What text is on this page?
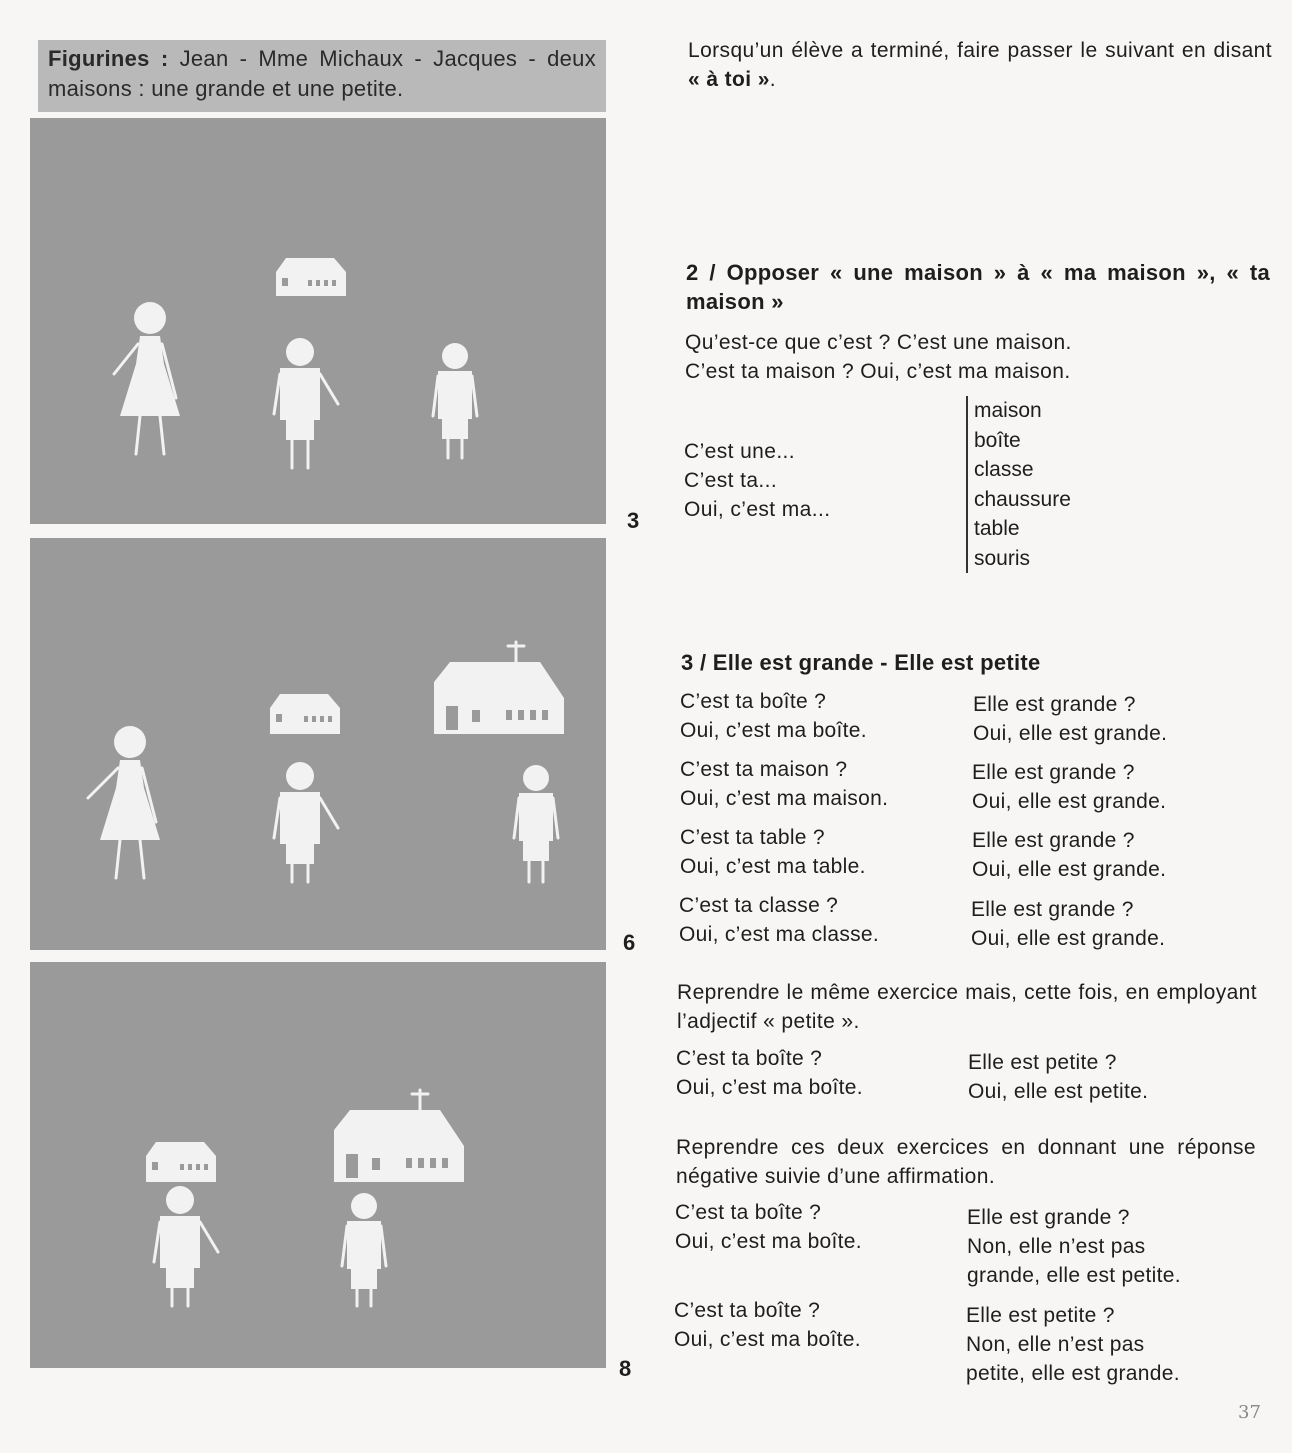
Figurines : Jean - Mme Michaux - Jacques - deux maisons : une grande et une petite.
3
6
8
Lorsqu’un élève a terminé, faire passer le suivant en disant « à toi ».
2 / Opposer « une maison » à « ma maison », « ta maison »
Qu’est-ce que c’est ? C’est une maison.
C’est ta maison ? Oui, c’est ma maison.
C’est une...
C’est ta...
Oui, c’est ma...
maison
boîte
classe
chaussure
table
souris
3 / Elle est grande - Elle est petite
C’est ta boîte ?
Oui, c’est ma boîte.
Elle est grande ?
Oui, elle est grande.
C’est ta maison ?
Oui, c’est ma maison.
Elle est grande ?
Oui, elle est grande.
C’est ta table ?
Oui, c’est ma table.
Elle est grande ?
Oui, elle est grande.
C’est ta classe ?
Oui, c’est ma classe.
Elle est grande ?
Oui, elle est grande.
Reprendre le même exercice mais, cette fois, en employant l’adjectif « petite ».
C’est ta boîte ?
Oui, c’est ma boîte.
Elle est petite ?
Oui, elle est petite.
Reprendre ces deux exercices en donnant une réponse négative suivie d’une affirmation.
C’est ta boîte ?
Oui, c’est ma boîte.
Elle est grande ?
Non, elle n’est pas
grande, elle est petite.
C’est ta boîte ?
Oui, c’est ma boîte.
Elle est petite ?
Non, elle n’est pas
petite, elle est grande.
37
